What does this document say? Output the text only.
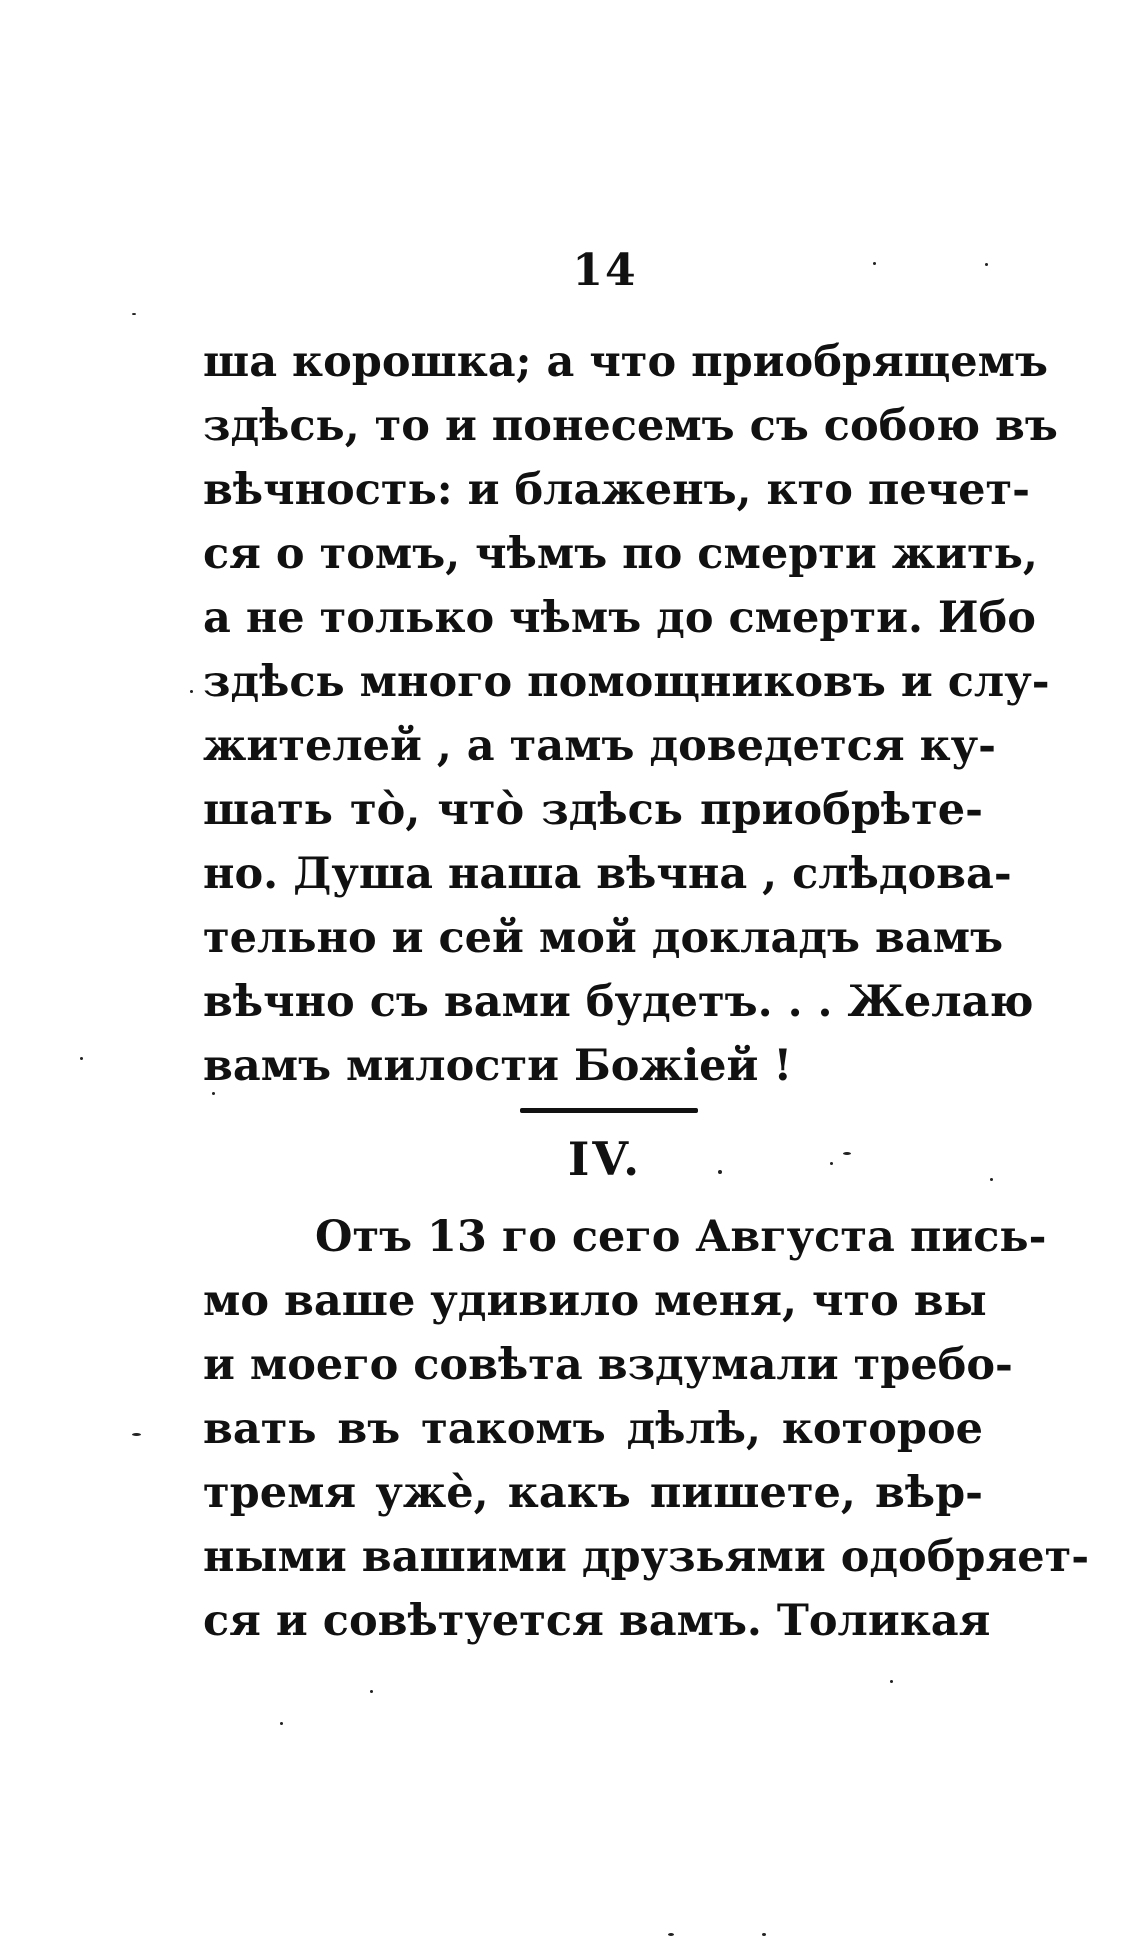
14
ша корошка; а что приобрящемъ
здѣсь, то и понесемъ съ собою въ
вѣчность: и блаженъ, кто печет-
ся о томъ, чѣмъ по смерти жить,
а не только чѣмъ до смерти. Ибо
здѣсь много помощниковъ и слу-
жителей , а тамъ доведется ку-
шать тò, чтò здѣсь приобрѣте-
но. Душа наша вѣчна , слѣдова-
тельно и сей мой докладъ вамъ
вѣчно съ вами будетъ. . . Желаю
вамъ милости Божіей !
IV.
Отъ 13 го сего Августа пись-
мо ваше удивило меня, что вы
и моего совѣта вздумали требо-
вать въ такомъ дѣлѣ, которое
тремя ужè, какъ пишете, вѣр-
ными вашими друзьями одобряет-
ся и совѣтуется вамъ. Толикая
